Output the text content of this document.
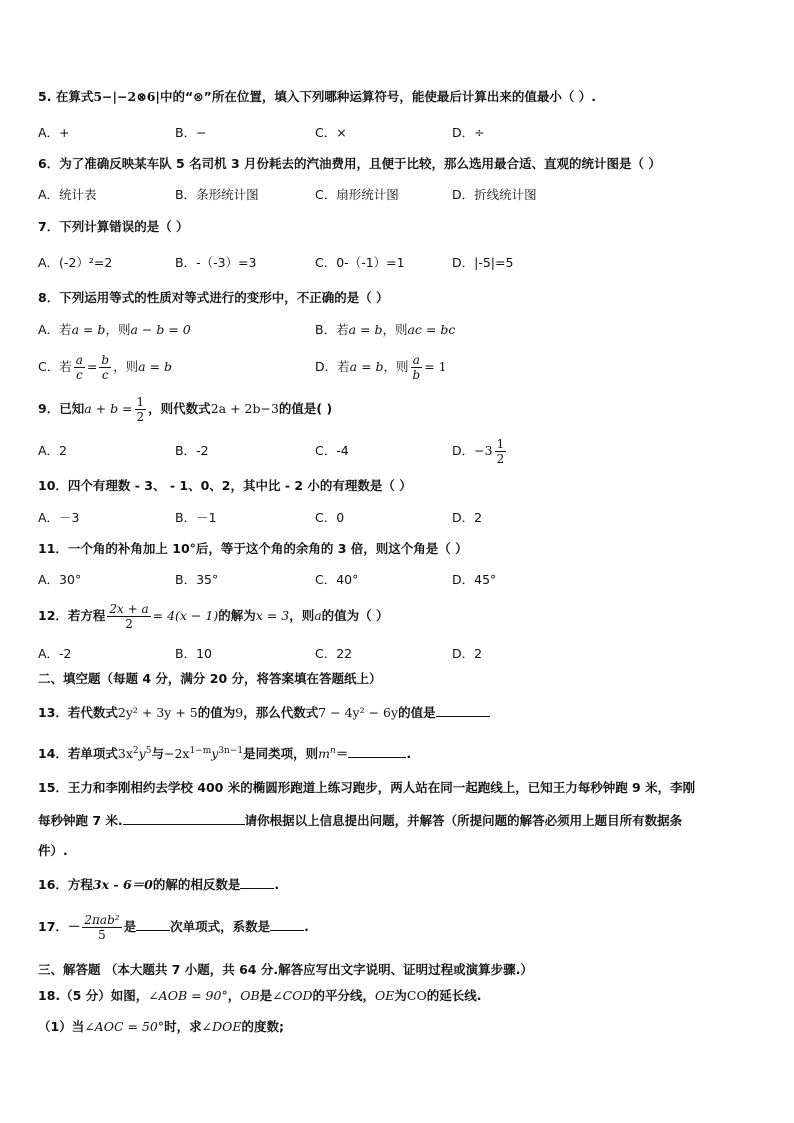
5. 在算式5−|−2⊗6|中的“⊗”所在位置，填入下列哪种运算符号，能使最后计算出来的值最小（ ）.
A．+	B．−	C．×	D．÷
6．为了准确反映某车队 5 名司机 3 月份耗去的汽油费用，且便于比较，那么选用最合适、直观的统计图是（ ）
A．统计表	B．条形统计图	C．扇形统计图	D．折线统计图
7．下列计算错误的是（ ）
A．(-2）²=2	B．-（-3）=3	C．0-（-1）=1	D．|-5|=5
8．下列运用等式的性质对等式进行的变形中，不正确的是（ ）
A．若a = b，则a − b = 0	B．若a = b，则ac = bc
C．若 $\frac{a}{c} = \frac{b}{c}$ ，则a = b	D．若a = b，则 $\frac{a}{b} = 1$
9．已知$a + b = \frac{1}{2}$ ，则代数式2a + 2b−3的值是( )
A．2	B．-2	C．-4	D．$-3 \frac{1}{2}$
10．四个有理数 - 3、 - 1、0、2，其中比 - 2 小的有理数是（ ）
A．－3	B．－1	C．0	D．2
11．一个角的补角加上 10°后，等于这个角的余角的 3 倍，则这个角是（ ）
A．30°	B．35°	C．40°	D．45°
12．若方程 $\frac{2x + a}{2} = 4(x - 1)$的解为x = 3，则a的值为（ ）
A．-2	B．10	C．22	D．2
二、填空题（每题 4 分，满分 20 分，将答案填在答题纸上）
13．若代数式2y² + 3y + 5的值为9，那么代数式7 − 4y² − 6y的值是
14．若单项式$3x^2y^5$与$-2x^{1-m}y^{3n-1}$是同类项，则$m^n=$	.
15．王力和李刚相约去学校 400 米的椭圆形跑道上练习跑步，两人站在同一起跑线上，已知王力每秒钟跑 9 米，李刚
每秒钟跑 7 米.	请你根据以上信息提出问题，并解答（所提问题的解答必须用上题目所有数据条
件）.
16．方程3x - 6＝0的解的相反数是	.
17．－ $\frac{\text{2πab²}}{5}$ 是	次单项式，系数是	.
三、解答题 （本大题共 7 小题，共 64 分.解答应写出文字说明、证明过程或演算步骤.）
18.（5 分）如图，∠AOB = 90°，OB是∠COD的平分线，OE为CO的延长线.
（1）当∠AOC = 50°时，求∠DOE的度数;
